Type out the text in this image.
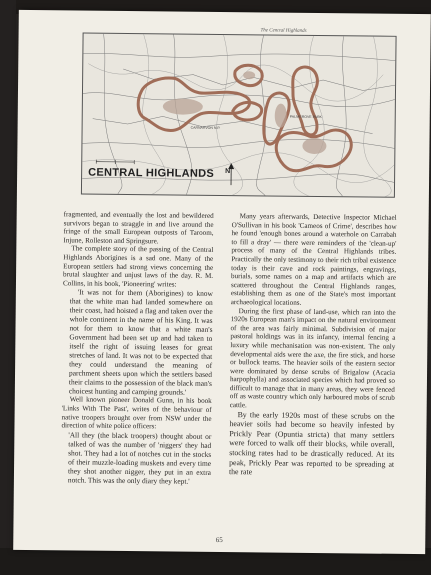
The Central Highlands
CARNARVON N.P.
PALMGROVE PARK
CENTRAL HIGHLANDS N

fragmented, and eventually the lost and bewildered survivors began to straggle in and live around the fringe of the small European outposts of Taroom, Injune, Rolleston and Springsure.

The complete story of the passing of the Central Highlands Aborigines is a sad one. Many of the European settlers had strong views concerning the brutal slaughter and unjust laws of the day. R. M. Collins, in his book, 'Pioneering' writes:

'It was not for them (Aborigines) to know that the white man had landed somewhere on their coast, had hoisted a flag and taken over the whole continent in the name of his King. It was not for them to know that a white man's Government had been set up and had taken to itself the right of issuing leases for great stretches of land. It was not to be expected that they could understand the meaning of parchment sheets upon which the settlers based their claims to the possession of the black man's choicest hunting and camping grounds.'

Well known pioneer Donald Gunn, in his book 'Links With The Past', writes of the behaviour of native troopers brought over from NSW under the direction of white police officers:

'All they (the black troopers) thought about or talked of was the number of 'niggers' they had shot. They had a lot of notches cut in the stocks of their muzzle-loading muskets and every time they shot another nigger, they put in an extra notch. This was the only diary they kept.'

Many years afterwards, Detective Inspector Michael O'Sullivan in his book 'Cameos of Crime', describes how he found 'enough bones around a waterhole on Carrabah to fill a dray' — there were reminders of the 'clean-up' process of many of the Central Highlands tribes. Practically the only testimony to their rich tribal existence today is their cave and rock paintings, engravings, burials, some names on a map and artifacts which are scattered throughout the Central Highlands ranges, establishing them as one of the State's most important archaeological locations.

During the first phase of land-use, which ran into the 1920s European man's impact on the natural environment of the area was fairly minimal. Subdivision of major pastoral holdings was in its infancy, internal fencing a luxury while mechanisation was non-existent. The only developmental aids were the axe, the fire stick, and horse or bullock teams. The heavier soils of the eastern sector were dominated by dense scrubs of Brigalow (Acacia harpophylla) and associated species which had proved so difficult to manage that in many areas, they were fenced off as waste country which only harboured mobs of scrub cattle.

By the early 1920s most of these scrubs on the heavier soils had become so heavily infested by Prickly Pear (Opuntia stricta) that many settlers were forced to walk off their blocks, while overall, stocking rates had to be drastically reduced. At its peak, Prickly Pear was reported to be spreading at the rate

65
